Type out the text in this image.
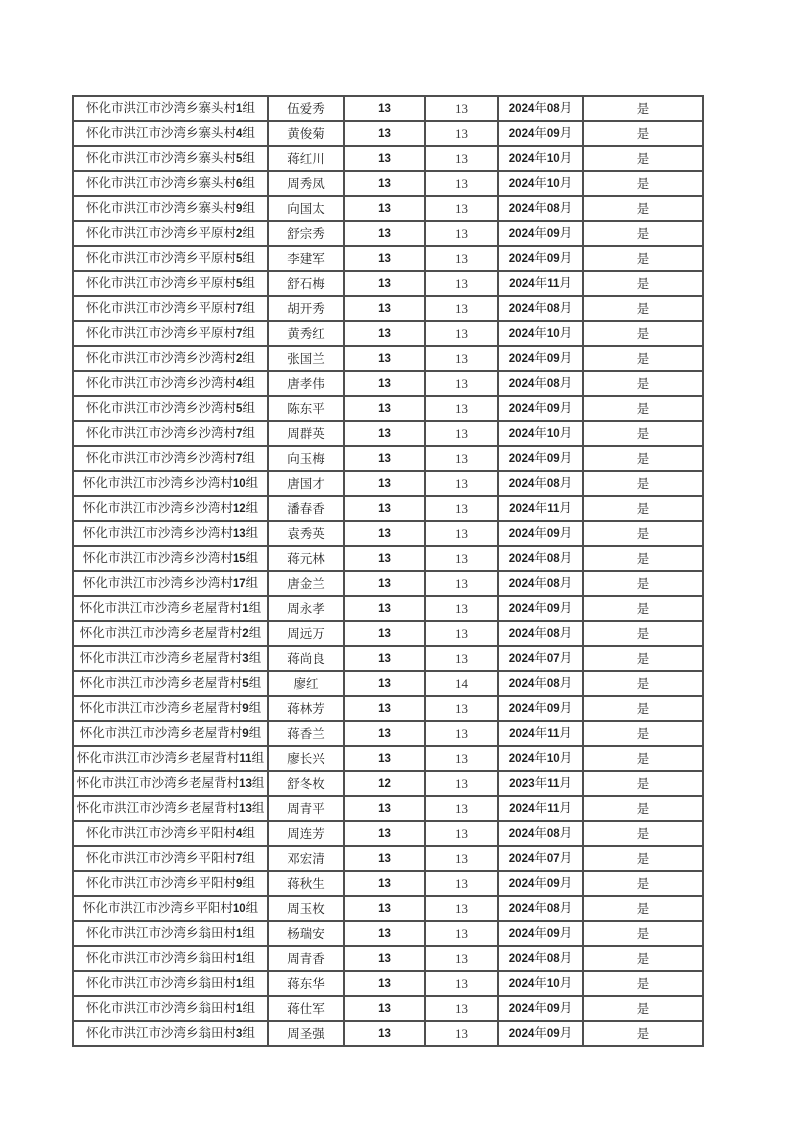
怀化市洪江市沙湾乡寨头村1组	伍爱秀	13	13	2024年08月	是
怀化市洪江市沙湾乡寨头村4组	黄俊菊	13	13	2024年09月	是
怀化市洪江市沙湾乡寨头村5组	蒋红川	13	13	2024年10月	是
怀化市洪江市沙湾乡寨头村6组	周秀凤	13	13	2024年10月	是
怀化市洪江市沙湾乡寨头村9组	向国太	13	13	2024年08月	是
怀化市洪江市沙湾乡平原村2组	舒宗秀	13	13	2024年09月	是
怀化市洪江市沙湾乡平原村5组	李建军	13	13	2024年09月	是
怀化市洪江市沙湾乡平原村5组	舒石梅	13	13	2024年11月	是
怀化市洪江市沙湾乡平原村7组	胡开秀	13	13	2024年08月	是
怀化市洪江市沙湾乡平原村7组	黄秀红	13	13	2024年10月	是
怀化市洪江市沙湾乡沙湾村2组	张国兰	13	13	2024年09月	是
怀化市洪江市沙湾乡沙湾村4组	唐孝伟	13	13	2024年08月	是
怀化市洪江市沙湾乡沙湾村5组	陈东平	13	13	2024年09月	是
怀化市洪江市沙湾乡沙湾村7组	周群英	13	13	2024年10月	是
怀化市洪江市沙湾乡沙湾村7组	向玉梅	13	13	2024年09月	是
怀化市洪江市沙湾乡沙湾村10组	唐国才	13	13	2024年08月	是
怀化市洪江市沙湾乡沙湾村12组	潘春香	13	13	2024年11月	是
怀化市洪江市沙湾乡沙湾村13组	袁秀英	13	13	2024年09月	是
怀化市洪江市沙湾乡沙湾村15组	蒋元林	13	13	2024年08月	是
怀化市洪江市沙湾乡沙湾村17组	唐金兰	13	13	2024年08月	是
怀化市洪江市沙湾乡老屋背村1组	周永孝	13	13	2024年09月	是
怀化市洪江市沙湾乡老屋背村2组	周远万	13	13	2024年08月	是
怀化市洪江市沙湾乡老屋背村3组	蒋尚良	13	13	2024年07月	是
怀化市洪江市沙湾乡老屋背村5组	廖红	13	14	2024年08月	是
怀化市洪江市沙湾乡老屋背村9组	蒋林芳	13	13	2024年09月	是
怀化市洪江市沙湾乡老屋背村9组	蒋香兰	13	13	2024年11月	是
怀化市洪江市沙湾乡老屋背村11组	廖长兴	13	13	2024年10月	是
怀化市洪江市沙湾乡老屋背村13组	舒冬枚	12	13	2023年11月	是
怀化市洪江市沙湾乡老屋背村13组	周青平	13	13	2024年11月	是
怀化市洪江市沙湾乡平阳村4组	周连芳	13	13	2024年08月	是
怀化市洪江市沙湾乡平阳村7组	邓宏清	13	13	2024年07月	是
怀化市洪江市沙湾乡平阳村9组	蒋秋生	13	13	2024年09月	是
怀化市洪江市沙湾乡平阳村10组	周玉枚	13	13	2024年08月	是
怀化市洪江市沙湾乡翁田村1组	杨瑞安	13	13	2024年09月	是
怀化市洪江市沙湾乡翁田村1组	周青香	13	13	2024年08月	是
怀化市洪江市沙湾乡翁田村1组	蒋东华	13	13	2024年10月	是
怀化市洪江市沙湾乡翁田村1组	蒋仕军	13	13	2024年09月	是
怀化市洪江市沙湾乡翁田村3组	周圣强	13	13	2024年09月	是
